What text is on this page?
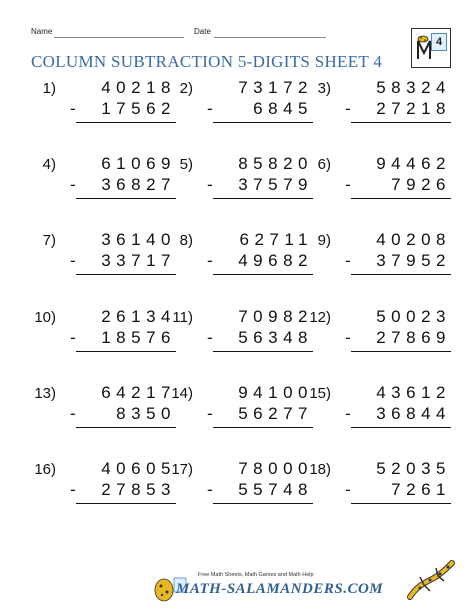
Name	Date
COLUMN SUBTRACTION 5-DIGITS SHEET 4
4
1)	40218
-	17562
2)	73172
-	6845
3)	58324
-	27218
4)	61069
-	36827
5)	85820
-	37579
6)	94462
-	7926
7)	36140
-	33717
8)	62711
-	49682
9)	40208
-	37952
10)	26134
-	18576
11)	70982
-	56348
12)	50023
-	27869
13)	64217
-	8350
14)	94100
-	56277
15)	43612
-	36844
16)	40605
-	27853
17)	78000
-	55748
18)	52035
-	7261
Free Math Sheets, Math Games and Math Help
MATH-SALAMANDERS.COM
